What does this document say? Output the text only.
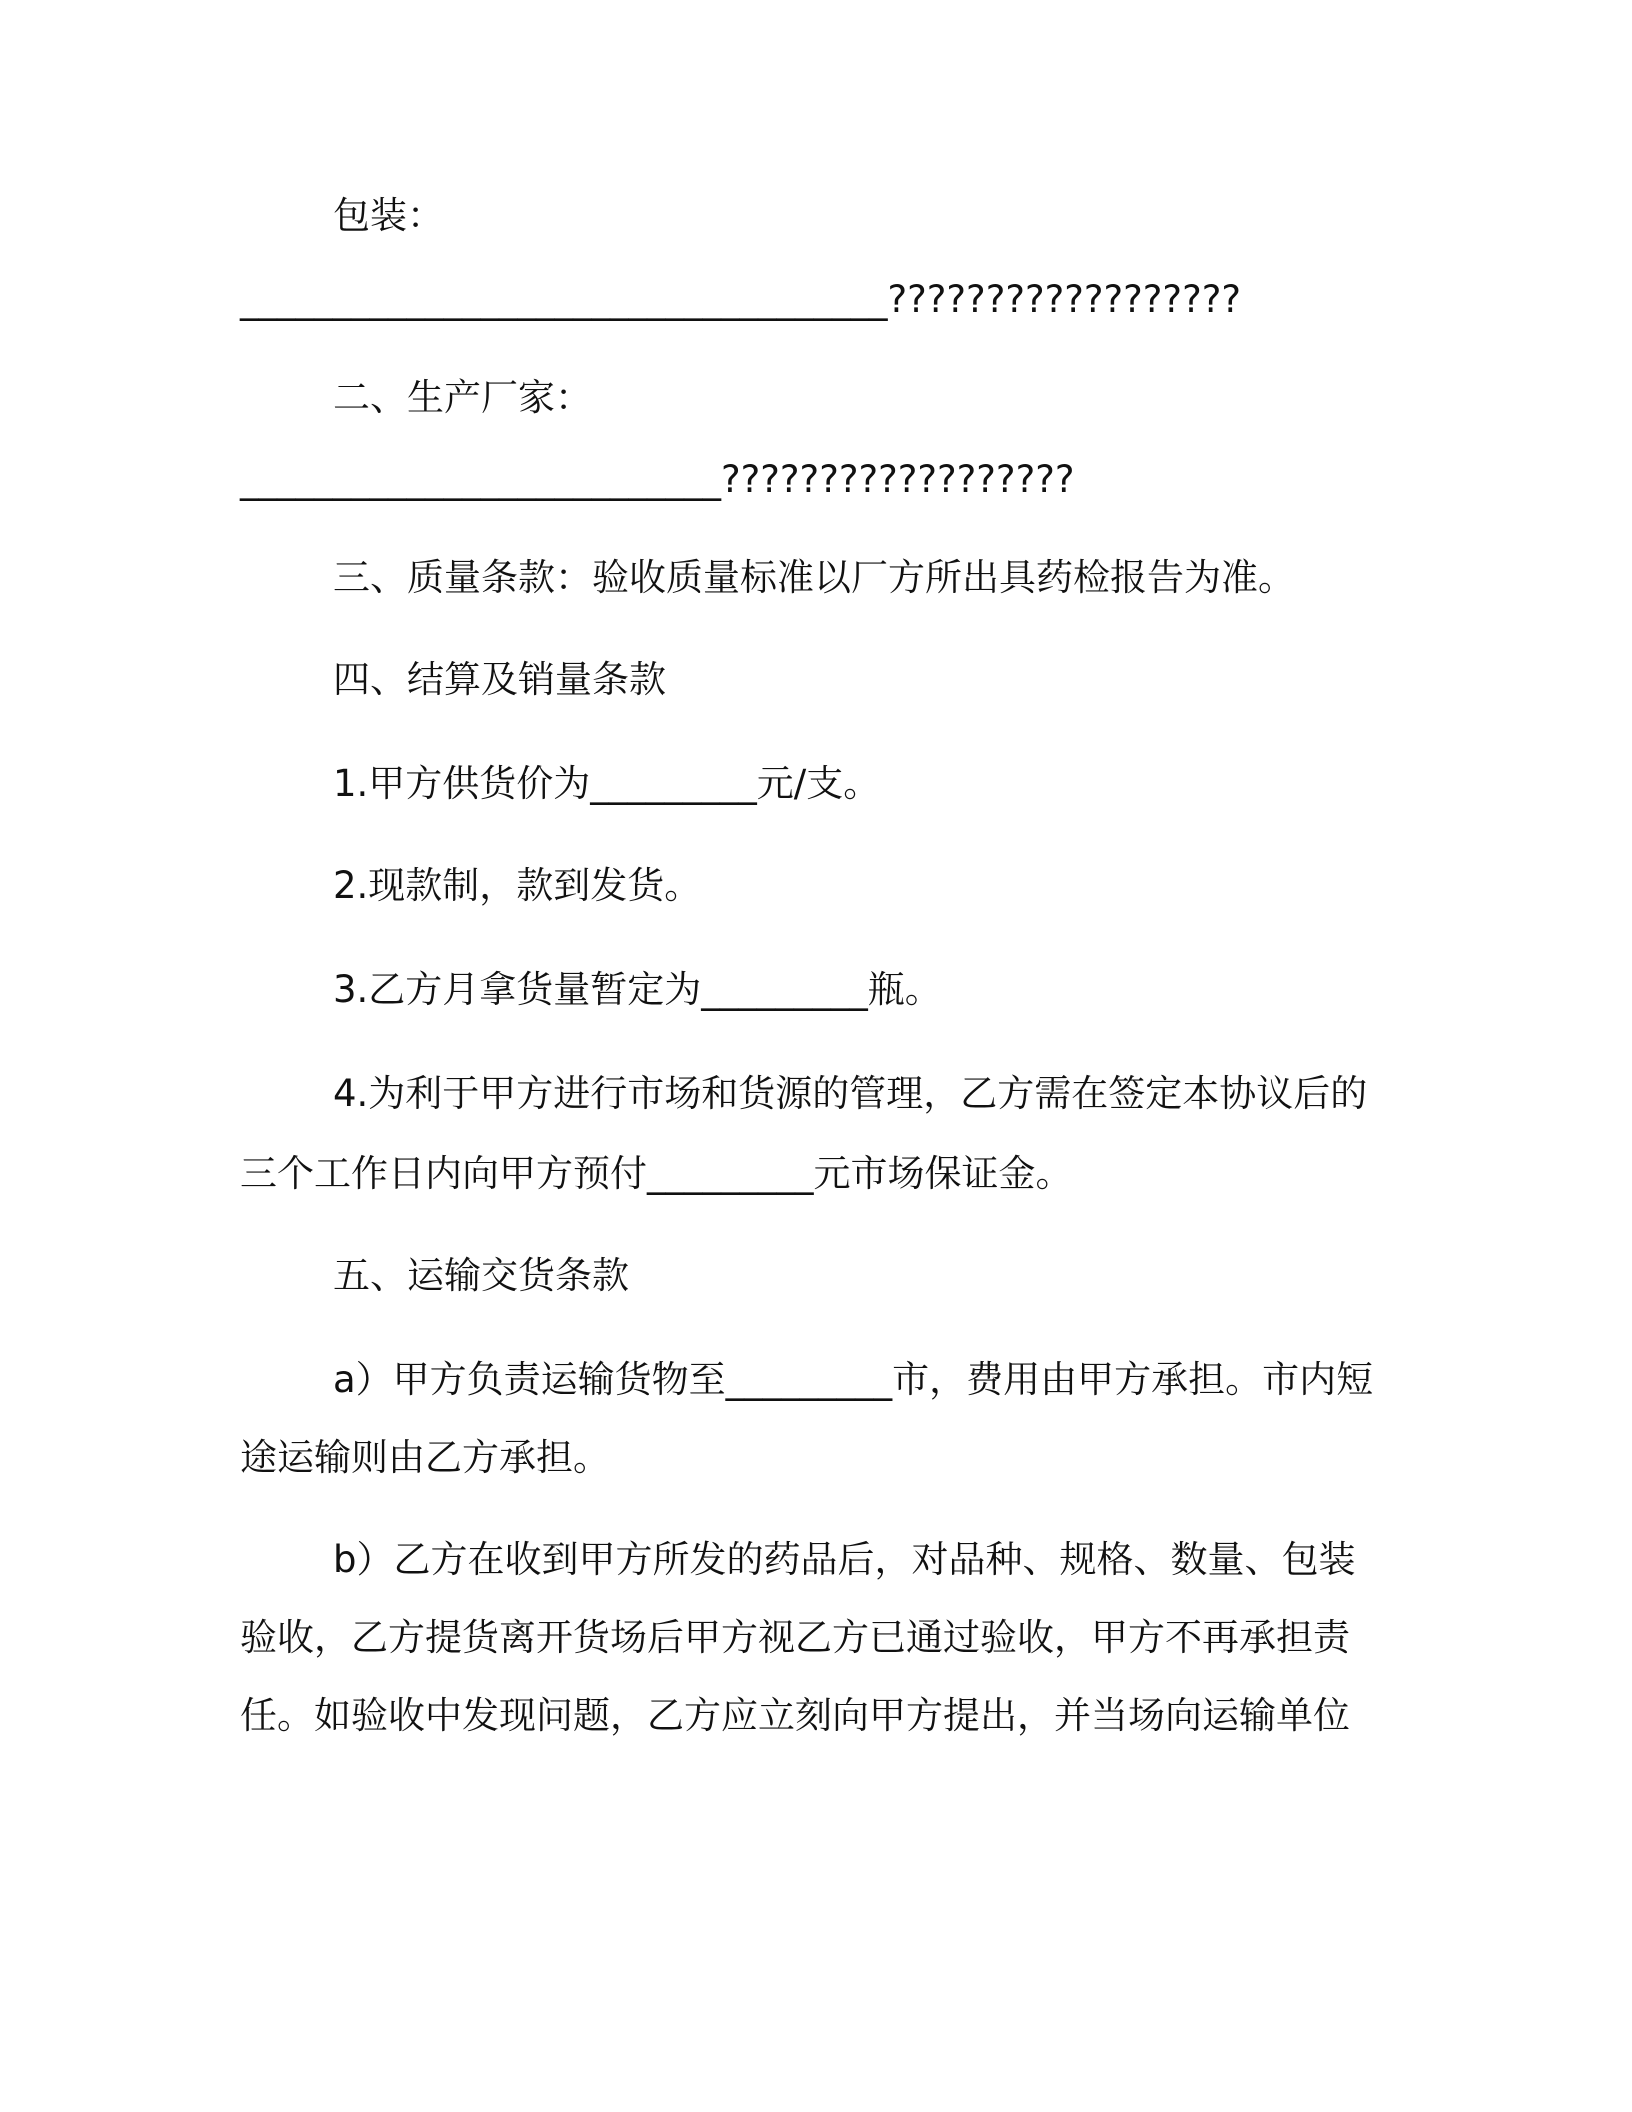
包装：
___________________________________??????????????????
二、生产厂家：
__________________________??????????????????
三、质量条款：验收质量标准以厂方所出具药检报告为准。
四、结算及销量条款
1.甲方供货价为_________元/支。
2.现款制，款到发货。
3.乙方月拿货量暂定为_________瓶。
4.为利于甲方进行市场和货源的管理，乙方需在签定本协议后的
三个工作日内向甲方预付_________元市场保证金。
五、运输交货条款
a）甲方负责运输货物至_________市，费用由甲方承担。市内短
途运输则由乙方承担。
b）乙方在收到甲方所发的药品后，对品种、规格、数量、包装
验收，乙方提货离开货场后甲方视乙方已通过验收，甲方不再承担责
任。如验收中发现问题，乙方应立刻向甲方提出，并当场向运输单位
